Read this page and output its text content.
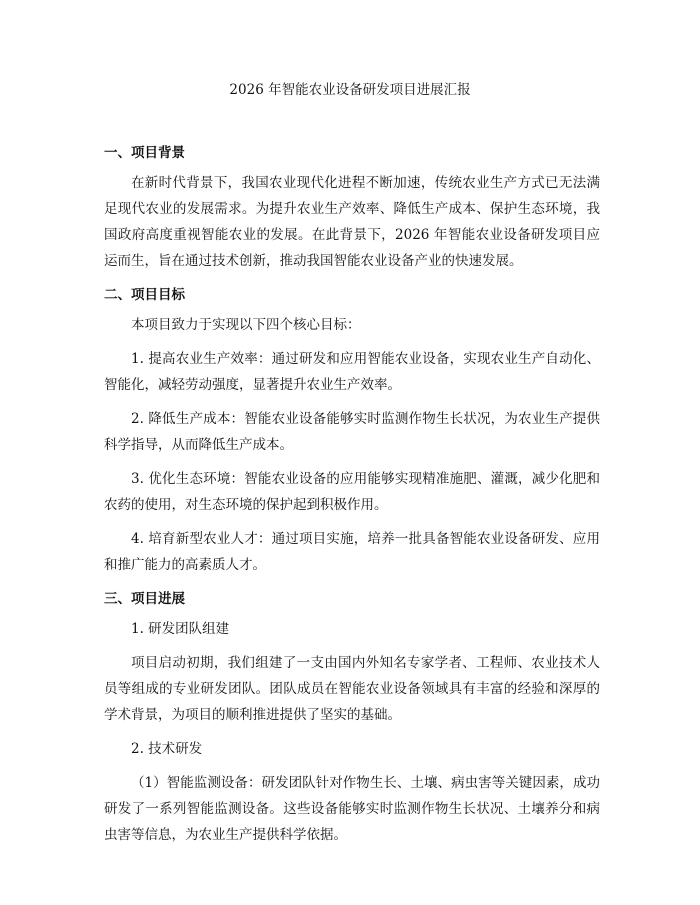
2026 年智能农业设备研发项目进展汇报
一、项目背景

在新时代背景下，我国农业现代化进程不断加速，传统农业生产方式已无法满足现代农业的发展需求。为提升农业生产效率、降低生产成本、保护生态环境，我国政府高度重视智能农业的发展。在此背景下，2026 年智能农业设备研发项目应运而生，旨在通过技术创新，推动我国智能农业设备产业的快速发展。

二、项目目标

本项目致力于实现以下四个核心目标：

1. 提高农业生产效率：通过研发和应用智能农业设备，实现农业生产自动化、智能化，减轻劳动强度，显著提升农业生产效率。

2. 降低生产成本：智能农业设备能够实时监测作物生长状况，为农业生产提供科学指导，从而降低生产成本。

3. 优化生态环境：智能农业设备的应用能够实现精准施肥、灌溉，减少化肥和农药的使用，对生态环境的保护起到积极作用。

4. 培育新型农业人才：通过项目实施，培养一批具备智能农业设备研发、应用和推广能力的高素质人才。

三、项目进展

1. 研发团队组建

项目启动初期，我们组建了一支由国内外知名专家学者、工程师、农业技术人员等组成的专业研发团队。团队成员在智能农业设备领域具有丰富的经验和深厚的学术背景，为项目的顺利推进提供了坚实的基础。

2. 技术研发

（1）智能监测设备：研发团队针对作物生长、土壤、病虫害等关键因素，成功研发了一系列智能监测设备。这些设备能够实时监测作物生长状况、土壤养分和病虫害等信息，为农业生产提供科学依据。
